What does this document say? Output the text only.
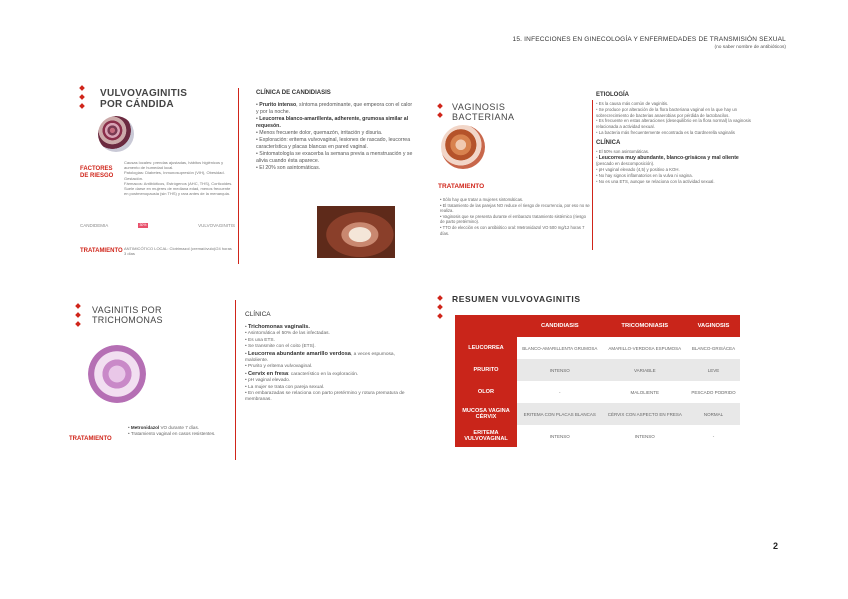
15. INFECCIONES EN GINECOLOGÍA Y ENFERMEDADES DE TRANSMISIÓN SEXUAL
(no saber nombre de antibióticos)
VULVOVAGINITIS
POR CÁNDIDA
FACTORES
DE RIESGO
Causas locales: prendas ajustadas, hábitos higiénicos y aumento de humedad local.
Patologías: Diabetes, Inmunosupresión (VIH), Obesidad.
Gestación.
Fármacos: Antibióticos, Estrógenos (AHC, THS), Corticoides.
Suele darse en mujeres de mediana edad, menos frecuente en postmenopausia (sin THS) y rara antes de la menarquia.
CANDIDEMIA	30%	VULVOVAGINITIS
TRATAMIENTO ANTIMICÓTICO LOCAL: Clotrimazol (crema/óvulo)/24 horas 3 días
CLÍNICA DE CANDIDIASIS
• Prurito intenso, síntoma predominante, que empeora con el calor y por la noche.
• Leucorrea blanco-amarillenta, adherente, grumosa similar al requesón.
• Menos frecuente dolor, quemazón, irritación y disuria.
• Exploración: eritema vulvovaginal, lesiones de rascado, leucorrea característica y placas blancas en pared vaginal.
• Sintomatología se exacerba la semana previa a menstruación y se alivia cuando ésta aparece.
• El 20% son asintomáticas.
VAGINOSIS
BACTERIANA
TRATAMIENTO
• Sólo hay que tratar a mujeres sintomáticas.
• El tratamiento de las parejas NO reduce el riesgo de recurrencia, por eso no se realiza.
• Vaginosis que se presenta durante el embarazo tratamiento sistémico (riesgo de parto pretérmino).
• TTO de elección es con antibiótico oral: Metronidazol VO 500 mg/12 horas 7 días.
ETIOLOGÍA
• Es la causa más común de vaginitis.
• Se produce por alteración de la flora bacteriana vaginal en la que hay un sobrecrecimiento de bacterias anaerobias por pérdida de lactobacilos.
• Es frecuente en estas alteraciones (desequilibrio en la flora normal) la vaginosis relacionada a actividad sexual.
• La bacteria más frecuentemente encontrada es la Gardnerella vaginalis
CLÍNICA
• El 50% son asintomáticas.
• Leucorrea muy abundante, blanco-grisácea y mal oliente (pescado en descomposición).
• pH vaginal elevado (4,5) y positivo a KOH.
• No hay signos inflamatorios en la vulva ni vagina.
• No es una ETS, aunque se relaciona con la actividad sexual.
VAGINITIS POR
TRICHOMONAS
TRATAMIENTO
• Metronidazol VO durante 7 días.
• Tratamiento vaginal en casos resistentes.
CLÍNICA
• Trichomonas vaginalis.
• Asintomática el 50% de las infectadas.
• Es una ETS.
• Se transmite con el coito (ETS).
• Leucorrea abundante amarillo verdosa, a veces espumosa, maloliente.
• Prurito y eritema vulvovaginal.
• Cervix en fresa: característico en la exploración.
• pH vaginal elevado.
• La mujer se trata con pareja sexual.
• En embarazadas se relaciona con parto pretérmino y rotura prematura de membranas.
RESUMEN VULVOVAGINITIS
	CANDIDIASIS	TRICOMONIASIS	VAGINOSIS
LEUCORREA	BLANCO-AMARILLENTA GRUMOSA	AMARILLO-VERDOSA ESPUMOSA	BLANCO-GRISÁCEA
PRURITO	INTENSO	VARIABLE	LEVE
OLOR	-	MALOLIENTE	PESCADO PODRIDO
MUCOSA VAGINA CÉRVIX	ERITEMA CON PLACAS BLANCAS	CÉRVIX CON ASPECTO EN FRESA	NORMAL
ERITEMA VULVOVAGINAL	INTENSO	INTENSO	-
2
